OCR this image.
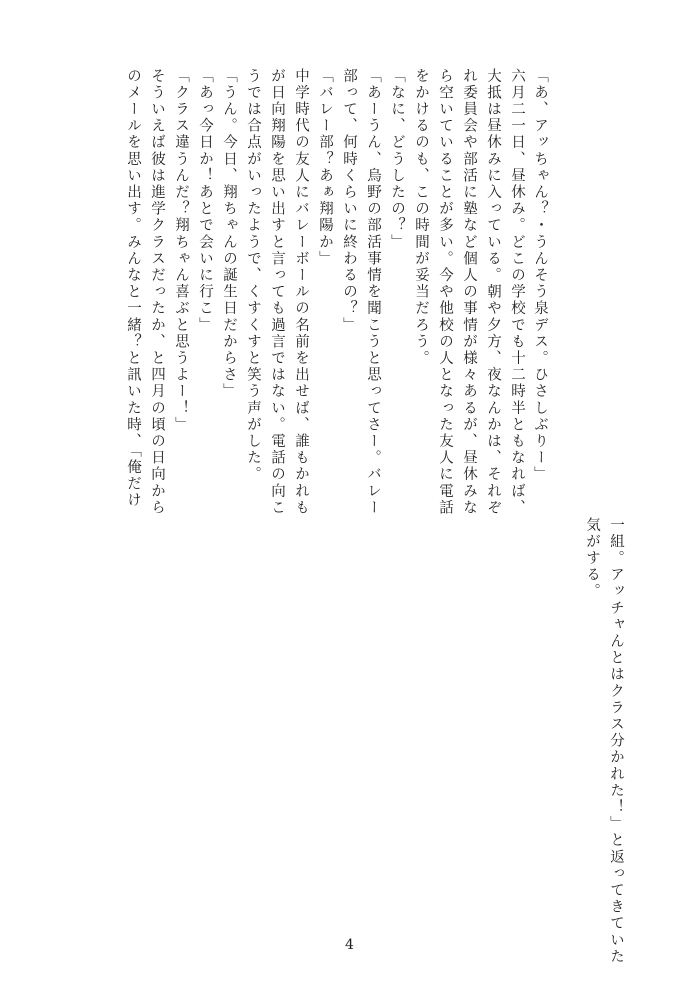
一組。アッチャんとはクラス分かれた！」と返ってきていた

気がする。

「あ、アッちゃん？・うんそう泉デス。ひさしぶりー」

六月二一日、昼休み。どこの学校でも十二時半ともなれば、

大抵は昼休みに入っている。朝や夕方、夜なんかは、それぞ

れ委員会や部活に塾など個人の事情が様々あるが、昼休みな

ら空いていることが多い。今や他校の人となった友人に電話

をかけるのも、この時間が妥当だろう。

「なに、どうしたの？」

「あーうん、烏野の部活事情を聞こうと思ってさー。バレー

部って、何時くらいに終わるの？」

「バレー部？あぁ翔陽か」

中学時代の友人にバレーボールの名前を出せば、誰もかれも

が日向翔陽を思い出すと言っても過言ではない。電話の向こ

うでは合点がいったようで、くすくすと笑う声がした。

「うん。今日、翔ちゃんの誕生日だからさ」

「あっ今日か！あとで会いに行こ」

「クラス違うんだ？翔ちゃん喜ぶと思うよー！」

そういえば彼は進学クラスだったか、と四月の頃の日向から

のメールを思い出す。みんなと一緒？と訊いた時、「俺だけ

4
